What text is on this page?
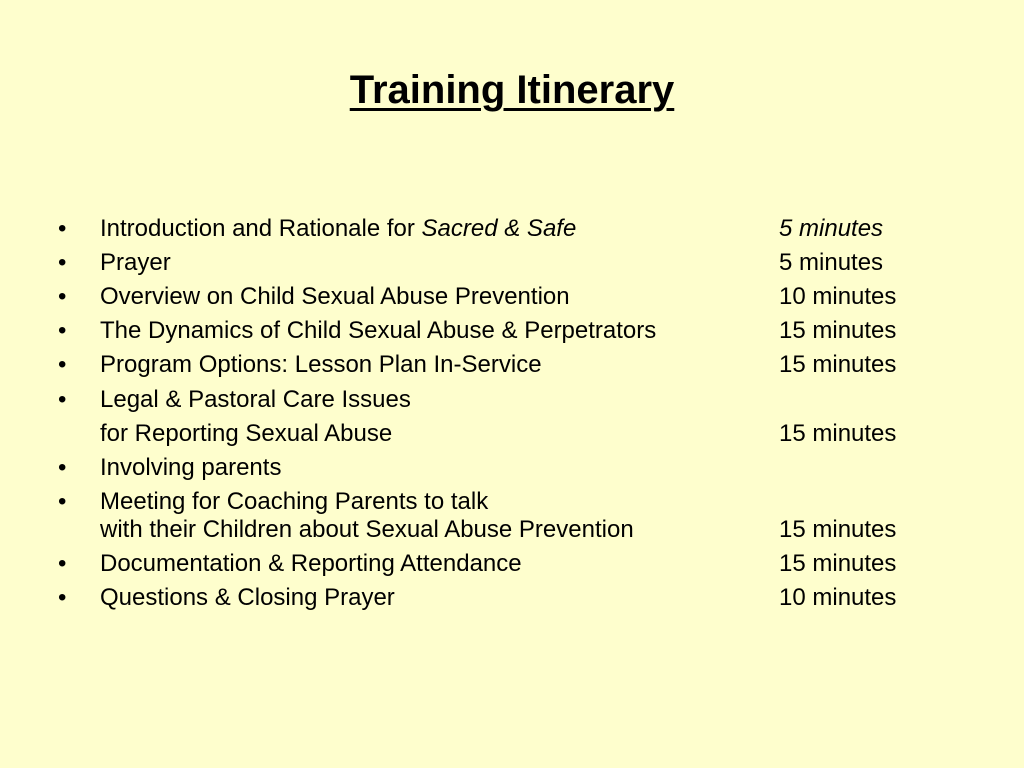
Training Itinerary
• Introduction and Rationale for Sacred & Safe	5 minutes
• Prayer	5 minutes
• Overview on Child Sexual Abuse Prevention	10 minutes
• The Dynamics of Child Sexual Abuse & Perpetrators	15 minutes
• Program Options: Lesson Plan In-Service	15 minutes
• Legal & Pastoral Care Issues
for Reporting Sexual Abuse	15 minutes
• Involving parents
• Meeting for Coaching Parents to talk
with their Children about Sexual Abuse Prevention	15 minutes
• Documentation & Reporting Attendance	15 minutes
• Questions & Closing Prayer	10 minutes
